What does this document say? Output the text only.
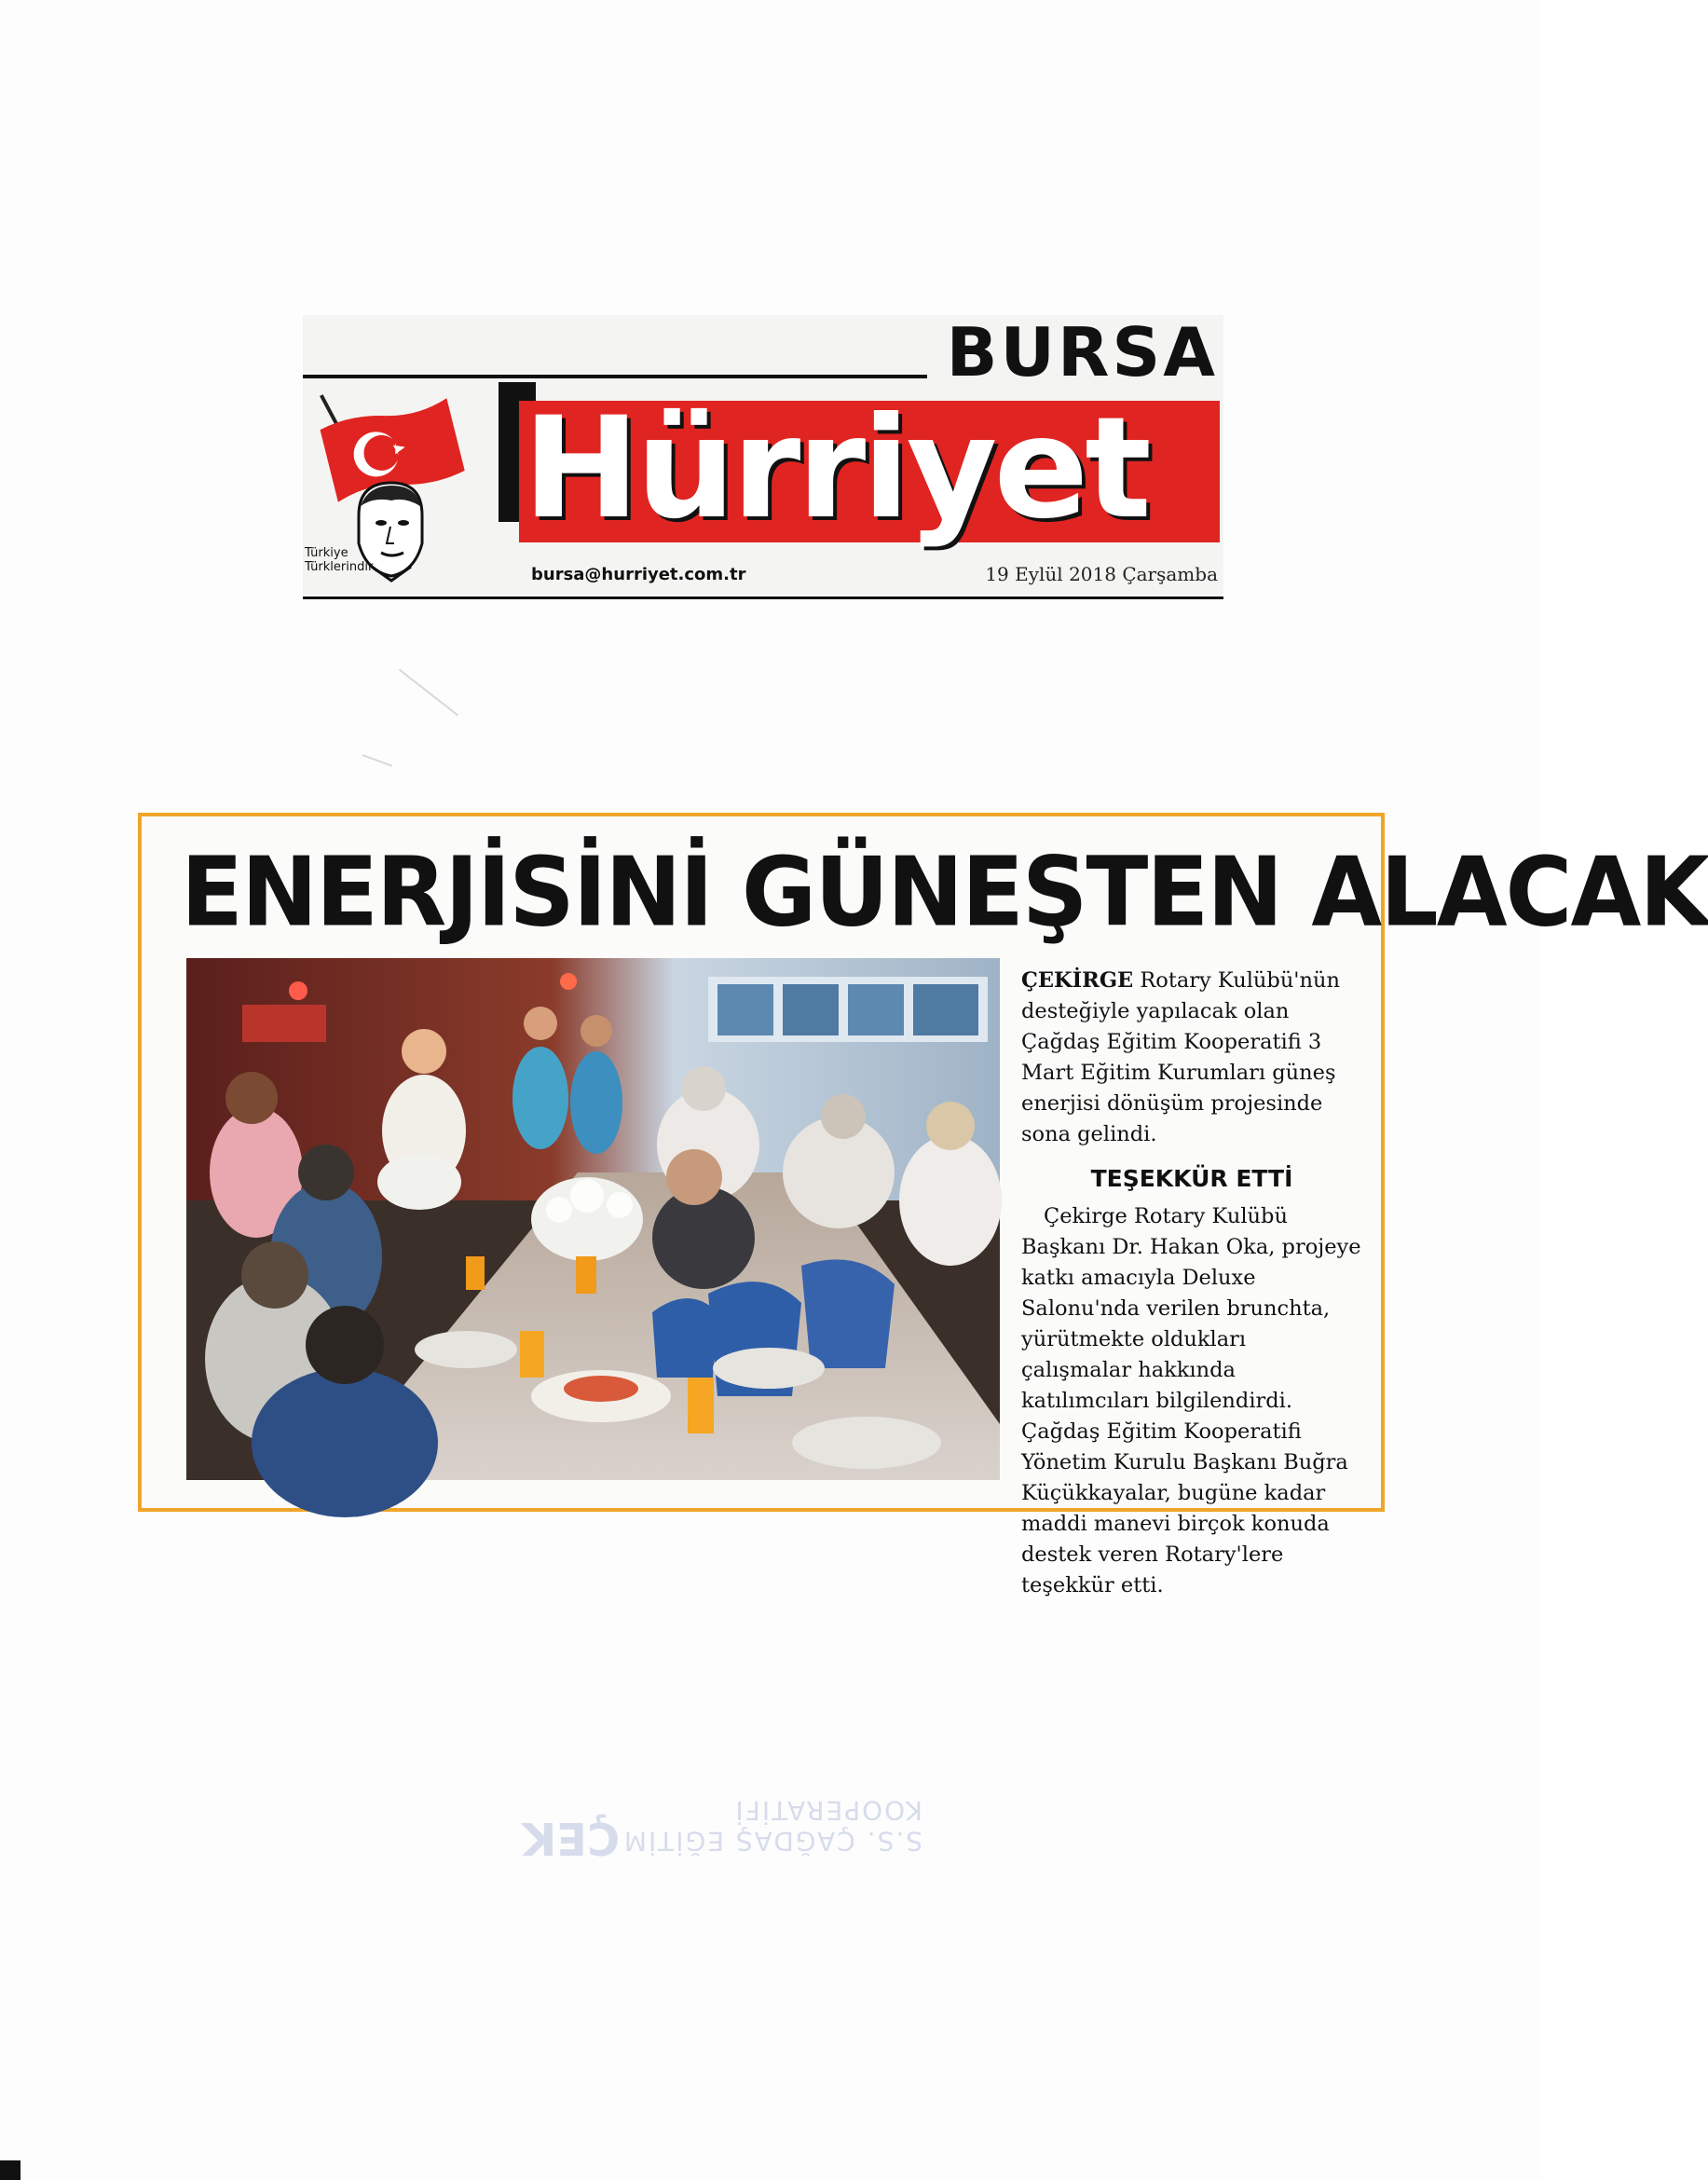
BURSA
Türkiye
Türklerindir
Hürriyet
bursa@hurriyet.com.tr	19 Eylül 2018 Çarşamba
ENERJİSİNİ GÜNEŞTEN ALACAK

ÇEKİRGE Rotary Kulübü'nün desteğiyle yapılacak olan Çağdaş Eğitim Kooperatifi 3 Mart Eğitim Kurumları güneş enerjisi dönüşüm projesinde sona gelindi.

TEŞEKKÜR ETTİ

Çekirge Rotary Kulübü Başkanı Dr. Hakan Oka, projeye katkı amacıyla Deluxe Salonu'nda verilen brunchta, yürütmekte oldukları çalışmalar hakkında katılımcıları bilgilendirdi. Çağdaş Eğitim Kooperatifi Yönetim Kurulu Başkanı Buğra Küçükkayalar, bugüne kadar maddi manevi birçok konuda destek veren Rotary'lere teşekkür etti.

ÇEK S.S. ÇAĞDAŞ EĞİTİM KOOPERATİFİ
